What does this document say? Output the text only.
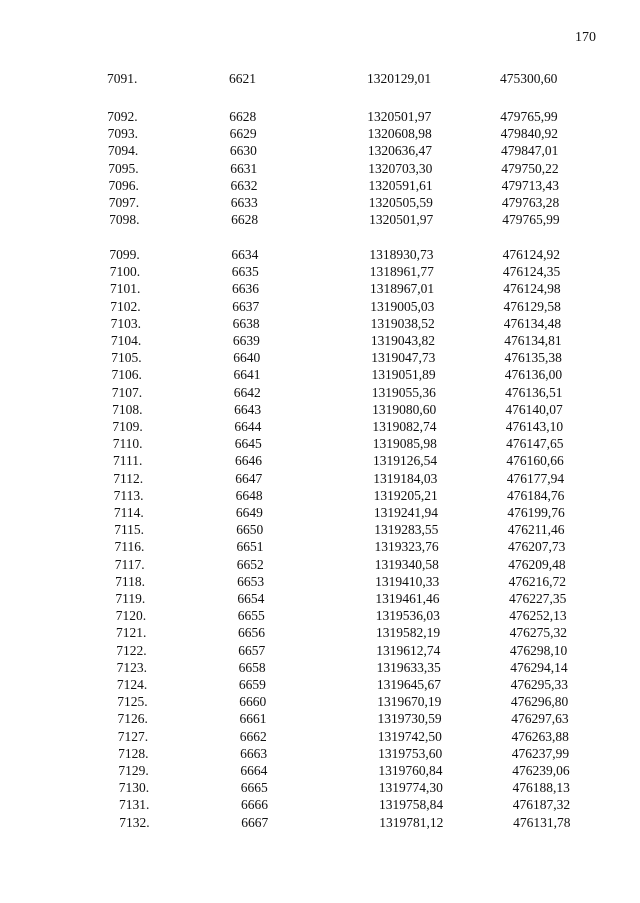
170
7091.	6621	1320129,01	475300,60
7092.	6628	1320501,97	479765,99
7093.	6629	1320608,98	479840,92
7094.	6630	1320636,47	479847,01
7095.	6631	1320703,30	479750,22
7096.	6632	1320591,61	479713,43
7097.	6633	1320505,59	479763,28
7098.	6628	1320501,97	479765,99
7099.	6634	1318930,73	476124,92
7100.	6635	1318961,77	476124,35
7101.	6636	1318967,01	476124,98
7102.	6637	1319005,03	476129,58
7103.	6638	1319038,52	476134,48
7104.	6639	1319043,82	476134,81
7105.	6640	1319047,73	476135,38
7106.	6641	1319051,89	476136,00
7107.	6642	1319055,36	476136,51
7108.	6643	1319080,60	476140,07
7109.	6644	1319082,74	476143,10
7110.	6645	1319085,98	476147,65
7111.	6646	1319126,54	476160,66
7112.	6647	1319184,03	476177,94
7113.	6648	1319205,21	476184,76
7114.	6649	1319241,94	476199,76
7115.	6650	1319283,55	476211,46
7116.	6651	1319323,76	476207,73
7117.	6652	1319340,58	476209,48
7118.	6653	1319410,33	476216,72
7119.	6654	1319461,46	476227,35
7120.	6655	1319536,03	476252,13
7121.	6656	1319582,19	476275,32
7122.	6657	1319612,74	476298,10
7123.	6658	1319633,35	476294,14
7124.	6659	1319645,67	476295,33
7125.	6660	1319670,19	476296,80
7126.	6661	1319730,59	476297,63
7127.	6662	1319742,50	476263,88
7128.	6663	1319753,60	476237,99
7129.	6664	1319760,84	476239,06
7130.	6665	1319774,30	476188,13
7131.	6666	1319758,84	476187,32
7132.	6667	1319781,12	476131,78
